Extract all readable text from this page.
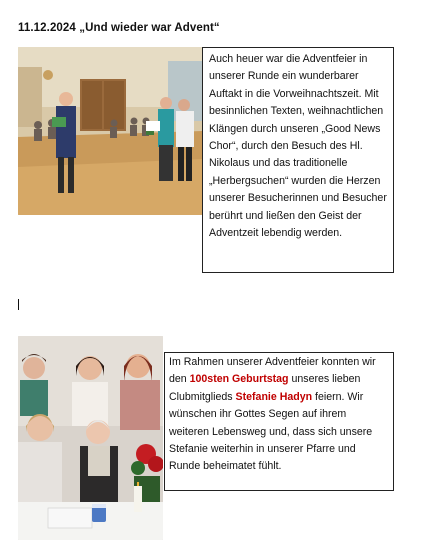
11.12.2024 „Und wieder war Advent“
Auch heuer war die Adventfeier in unserer Runde ein wunderbarer Auftakt in die Vorweihnachtszeit. Mit besinnlichen Texten, weihnachtlichen Klängen durch unseren „Good News Chor“, durch den Besuch des Hl. Nikolaus und das traditionelle „Herbergsuchen“ wurden die Herzen unserer Besucherinnen und Besucher berührt und ließen den Geist der Adventzeit lebendig werden.
Im Rahmen unserer Adventfeier konnten wir den 100sten Geburtstag unseres lieben Clubmitglieds Stefanie Hadyn feiern. Wir wünschen ihr Gottes Segen auf ihrem weiteren Lebensweg und, dass sich unsere Stefanie weiterhin in unserer Pfarre und Runde beheimatet fühlt.
